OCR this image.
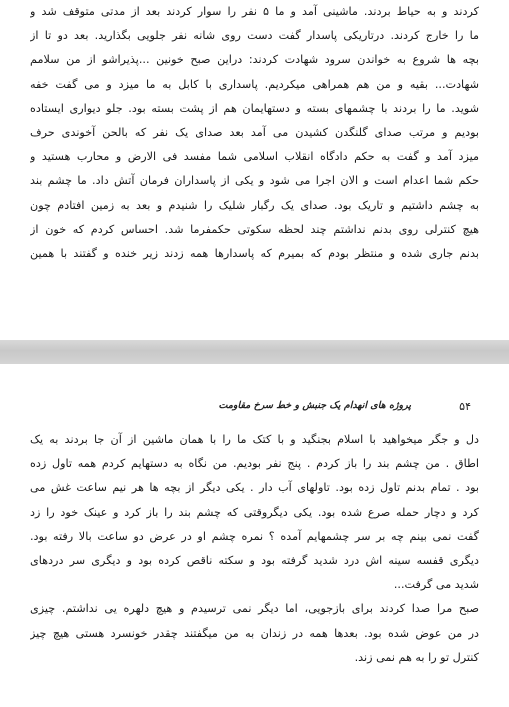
کردند و به حیاط بردند. ماشینی آمد و ما ۵ نفر را سوار کردند بعد از مدتی متوقف شد و
ما را خارج کردند. درتاریکی پاسدار گفت دست روی شانه نفر جلویی بگذارید. بعد دو تا از
بچه ها شروع به خواندن سرود شهادت کردند: دراین صبح خونین ...پذیراشو از من سلامم
شهادت... بقیه و من هم همراهی میکردیم. پاسداری با کابل به ما میزد و می گفت خفه
شوید. ما را بردند با چشمهای بسته و دستهایمان هم از پشت بسته بود. جلو دیواری ایستاده
بودیم و مرتب صدای گلنگدن کشیدن می آمد بعد صدای یک نفر که بالحن آخوندی حرف
میزد آمد و گفت به حکم دادگاه انقلاب اسلامی شما مفسد فی الارض و محارب هستید و
حکم شما اعدام است و الان اجرا می شود و یکی از پاسداران فرمان آتش داد. ما چشم بند
به چشم داشتیم و تاریک بود. صدای یک رگبار شلیک را شنیدم و بعد به زمین افتادم چون
هیچ کنترلی روی بدنم نداشتم چند لحظه سکوتی حکمفرما شد. احساس کردم که خون از
بدنم جاری شده و منتظر بودم که بمیرم که پاسدارها همه زدند زیر خنده و گفتند با همین
۵۴
پروژه های انهدام یک جنبش و خط سرخ مقاومت
دل و جگر میخواهید با اسلام بجنگید و با کتک ما را با همان ماشین از آن جا بردند به یک
اطاق . من چشم بند را باز کردم . پنج نفر بودیم. من نگاه به دستهایم کردم همه تاول زده
بود . تمام بدنم تاول زده بود. تاولهای آب دار . یکی دیگر از بچه ها هر نیم ساعت غش می
کرد و دچار حمله صرع شده بود. یکی دیگروقتی که چشم بند را باز کرد و عینک خود را زد
گفت نمی بینم چه بر سر چشمهایم آمده ؟ نمره چشم او در عرض دو ساعت بالا رفته بود.
دیگری قفسه سینه اش درد شدید گرفته بود و سکته ناقص کرده بود و دیگری سر دردهای
شدید می گرفت...
صبح مرا صدا کردند برای بازجویی، اما دیگر نمی ترسیدم و هیچ دلهره یی نداشتم. چیزی
در من عوض شده بود. بعدها همه در زندان به من میگفتند چقدر خونسرد هستی هیچ چیز
کنترل تو را به هم نمی زند.
